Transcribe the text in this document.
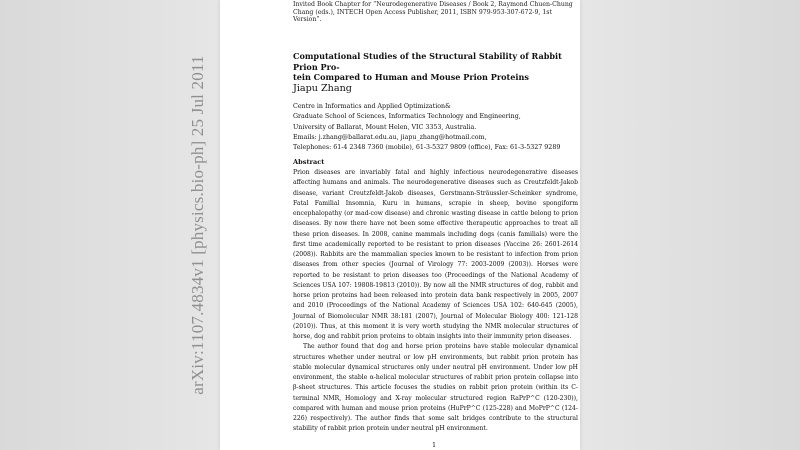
arXiv:1107.4834v1 [physics.bio-ph] 25 Jul 2011
Invited Book Chapter for “Neurodegenerative Diseases / Book 2, Raymond Chuen-Chung
Chang (eds.), INTECH Open Access Publisher, 2011, ISBN 979-953-307-672-9, 1st Version”.
Computational Studies of the Structural Stability of Rabbit Prion Pro-
tein Compared to Human and Mouse Prion Proteins
Jiapu Zhang
Centre in Informatics and Applied Optimization&
Graduate School of Sciences, Informatics Technology and Engineering,
University of Ballarat, Mount Helen, VIC 3353, Australia.
Emails: j.zhang@ballarat.edu.au, jiapu_zhang@hotmail.com,
Telephones: 61-4 2348 7360 (mobile), 61-3-5327 9809 (office), Fax: 61-3-5327 9289
Abstract

Prion diseases are invariably fatal and highly infectious neurodegenerative diseases affecting humans and animals. The neurodegenerative diseases such as Creutzfeldt-Jakob disease, variant Creutzfeldt-Jakob diseases, Gerstmann-Sträussler-Scheinker syndrome, Fatal Familial Insomnia, Kuru in humans, scrapie in sheep, bovine spongiform encephalopathy (or mad-cow disease) and chronic wasting disease in cattle belong to prion diseases. By now there have not been some effective therapeutic approaches to treat all these prion diseases. In 2008, canine mammals including dogs (canis familials) were the first time academically reported to be resistant to prion diseases (Vaccine 26: 2601-2614 (2008)). Rabbits are the mammalian species known to be resistant to infection from prion diseases from other species (Journal of Virology 77: 2003-2009 (2003)). Horses were reported to be resistant to prion diseases too (Proceedings of the National Academy of Sciences USA 107: 19808-19813 (2010)). By now all the NMR structures of dog, rabbit and horse prion proteins had been released into protein data bank respectively in 2005, 2007 and 2010 (Proceedings of the National Academy of Sciences USA 102: 640-645 (2005), Journal of Biomolecular NMR 38:181 (2007), Journal of Molecular Biology 400: 121-128 (2010)). Thus, at this moment it is very worth studying the NMR molecular structures of horse, dog and rabbit prion proteins to obtain insights into their immunity prion diseases.

The author found that dog and horse prion proteins have stable molecular dynamical structures whether under neutral or low pH environments, but rabbit prion protein has stable molecular dynamical structures only under neutral pH environment. Under low pH environment, the stable α-helical molecular structures of rabbit prion protein collapse into β-sheet structures. This article focuses the studies on rabbit prion protein (within its C-terminal NMR, Homology and X-ray molecular structured region RaPrP^C (120-230)), compared with human and mouse prion proteins (HuPrP^C (125-228) and MoPrP^C (124-226) respectively). The author finds that some salt bridges contribute to the structural stability of rabbit prion protein under neutral pH environment.

1
